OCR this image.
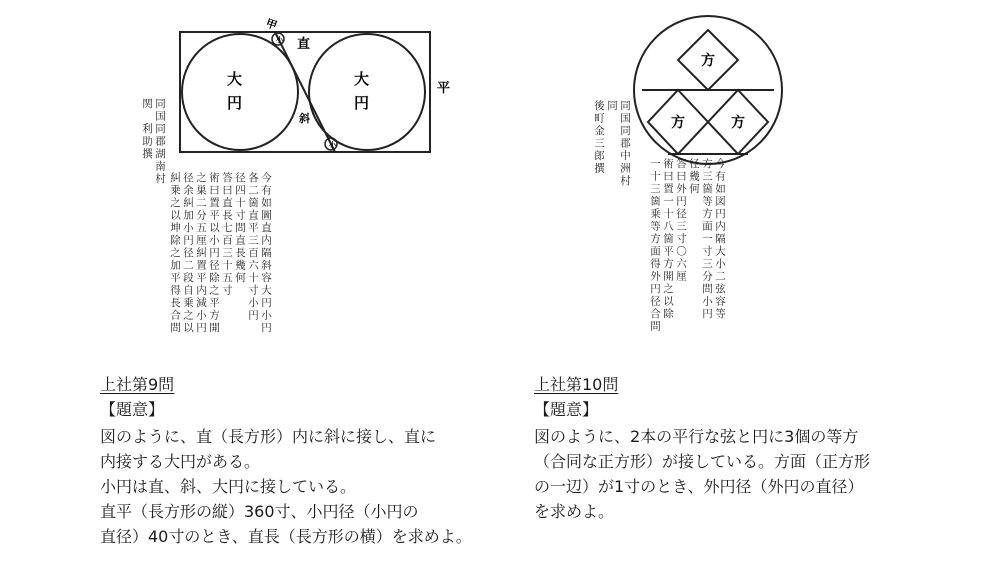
小
小
甲
直
平
斜
大
円
大
円
今有如圖直内隔斜容大円小円
各二箇直平三百六十寸小円
径四十寸問直長幾何
答曰直長七百三十五寸
術曰置平以小円径除之平方開
之巣二分五厘糾置平内減小円
径余糾加小円径二段自乗之以
糾乗之以坤除之加平得長合問
同国同郡湖南村
関　利助撰
上社第9問
【題意】
図のように、直（長方形）内に斜に接し、直に
内接する大円がある。
小円は直、斜、大円に接している。
直平（長方形の縦）360寸、小円径（小円の
直径）40寸のとき、直長（長方形の横）を求めよ。
方
方	方
今有如図円内隔大小二弦容等
方三箇等方面一寸三分問小円
径幾何
答曰外円径三寸〇六厘
術曰置一十八箇平方開之以除
一十三箇乗等方面得外円径合問
同国同郡中洲村
同
後町金三郎撰
上社第10問
【題意】
図のように、2本の平行な弦と円に3個の等方
（合同な正方形）が接している。方面（正方形
の一辺）が1寸のとき、外円径（外円の直径）
を求めよ。
